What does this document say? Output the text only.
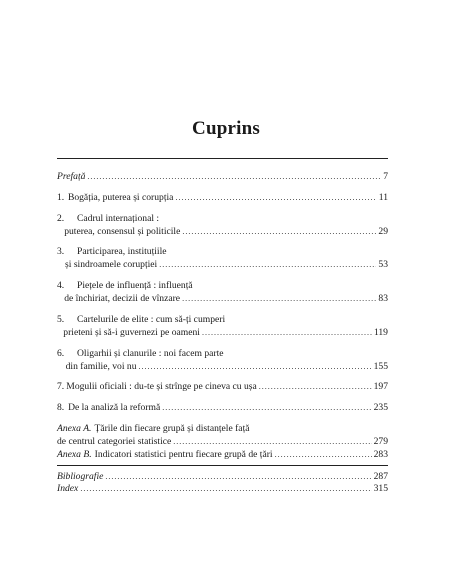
Cuprins
Prefață .....	7
1. Bogăția, puterea și corupția .....	11
2. Cadrul internațional :
puterea, consensul și politicile .....	29
3. Participarea, instituțiile
și sindroamele corupției .....	53
4. Piețele de influență : influență
de închiriat, decizii de vînzare .....	83
5. Cartelurile de elite : cum să-ți cumperi
prieteni și să-i guvernezi pe oameni .....	119
6. Oligarhii și clanurile : noi facem parte
din familie, voi nu .....	155
7. Mogulii oficiali : du-te și strînge pe cineva cu ușa .....	197
8. De la analiză la reformă .....	235
Anexa A. Țările din fiecare grupă și distanțele față
de centrul categoriei statistice .....	279
Anexa B. Indicatori statistici pentru fiecare grupă de țări .....	283
Bibliografie .....	287
Index .....	315
